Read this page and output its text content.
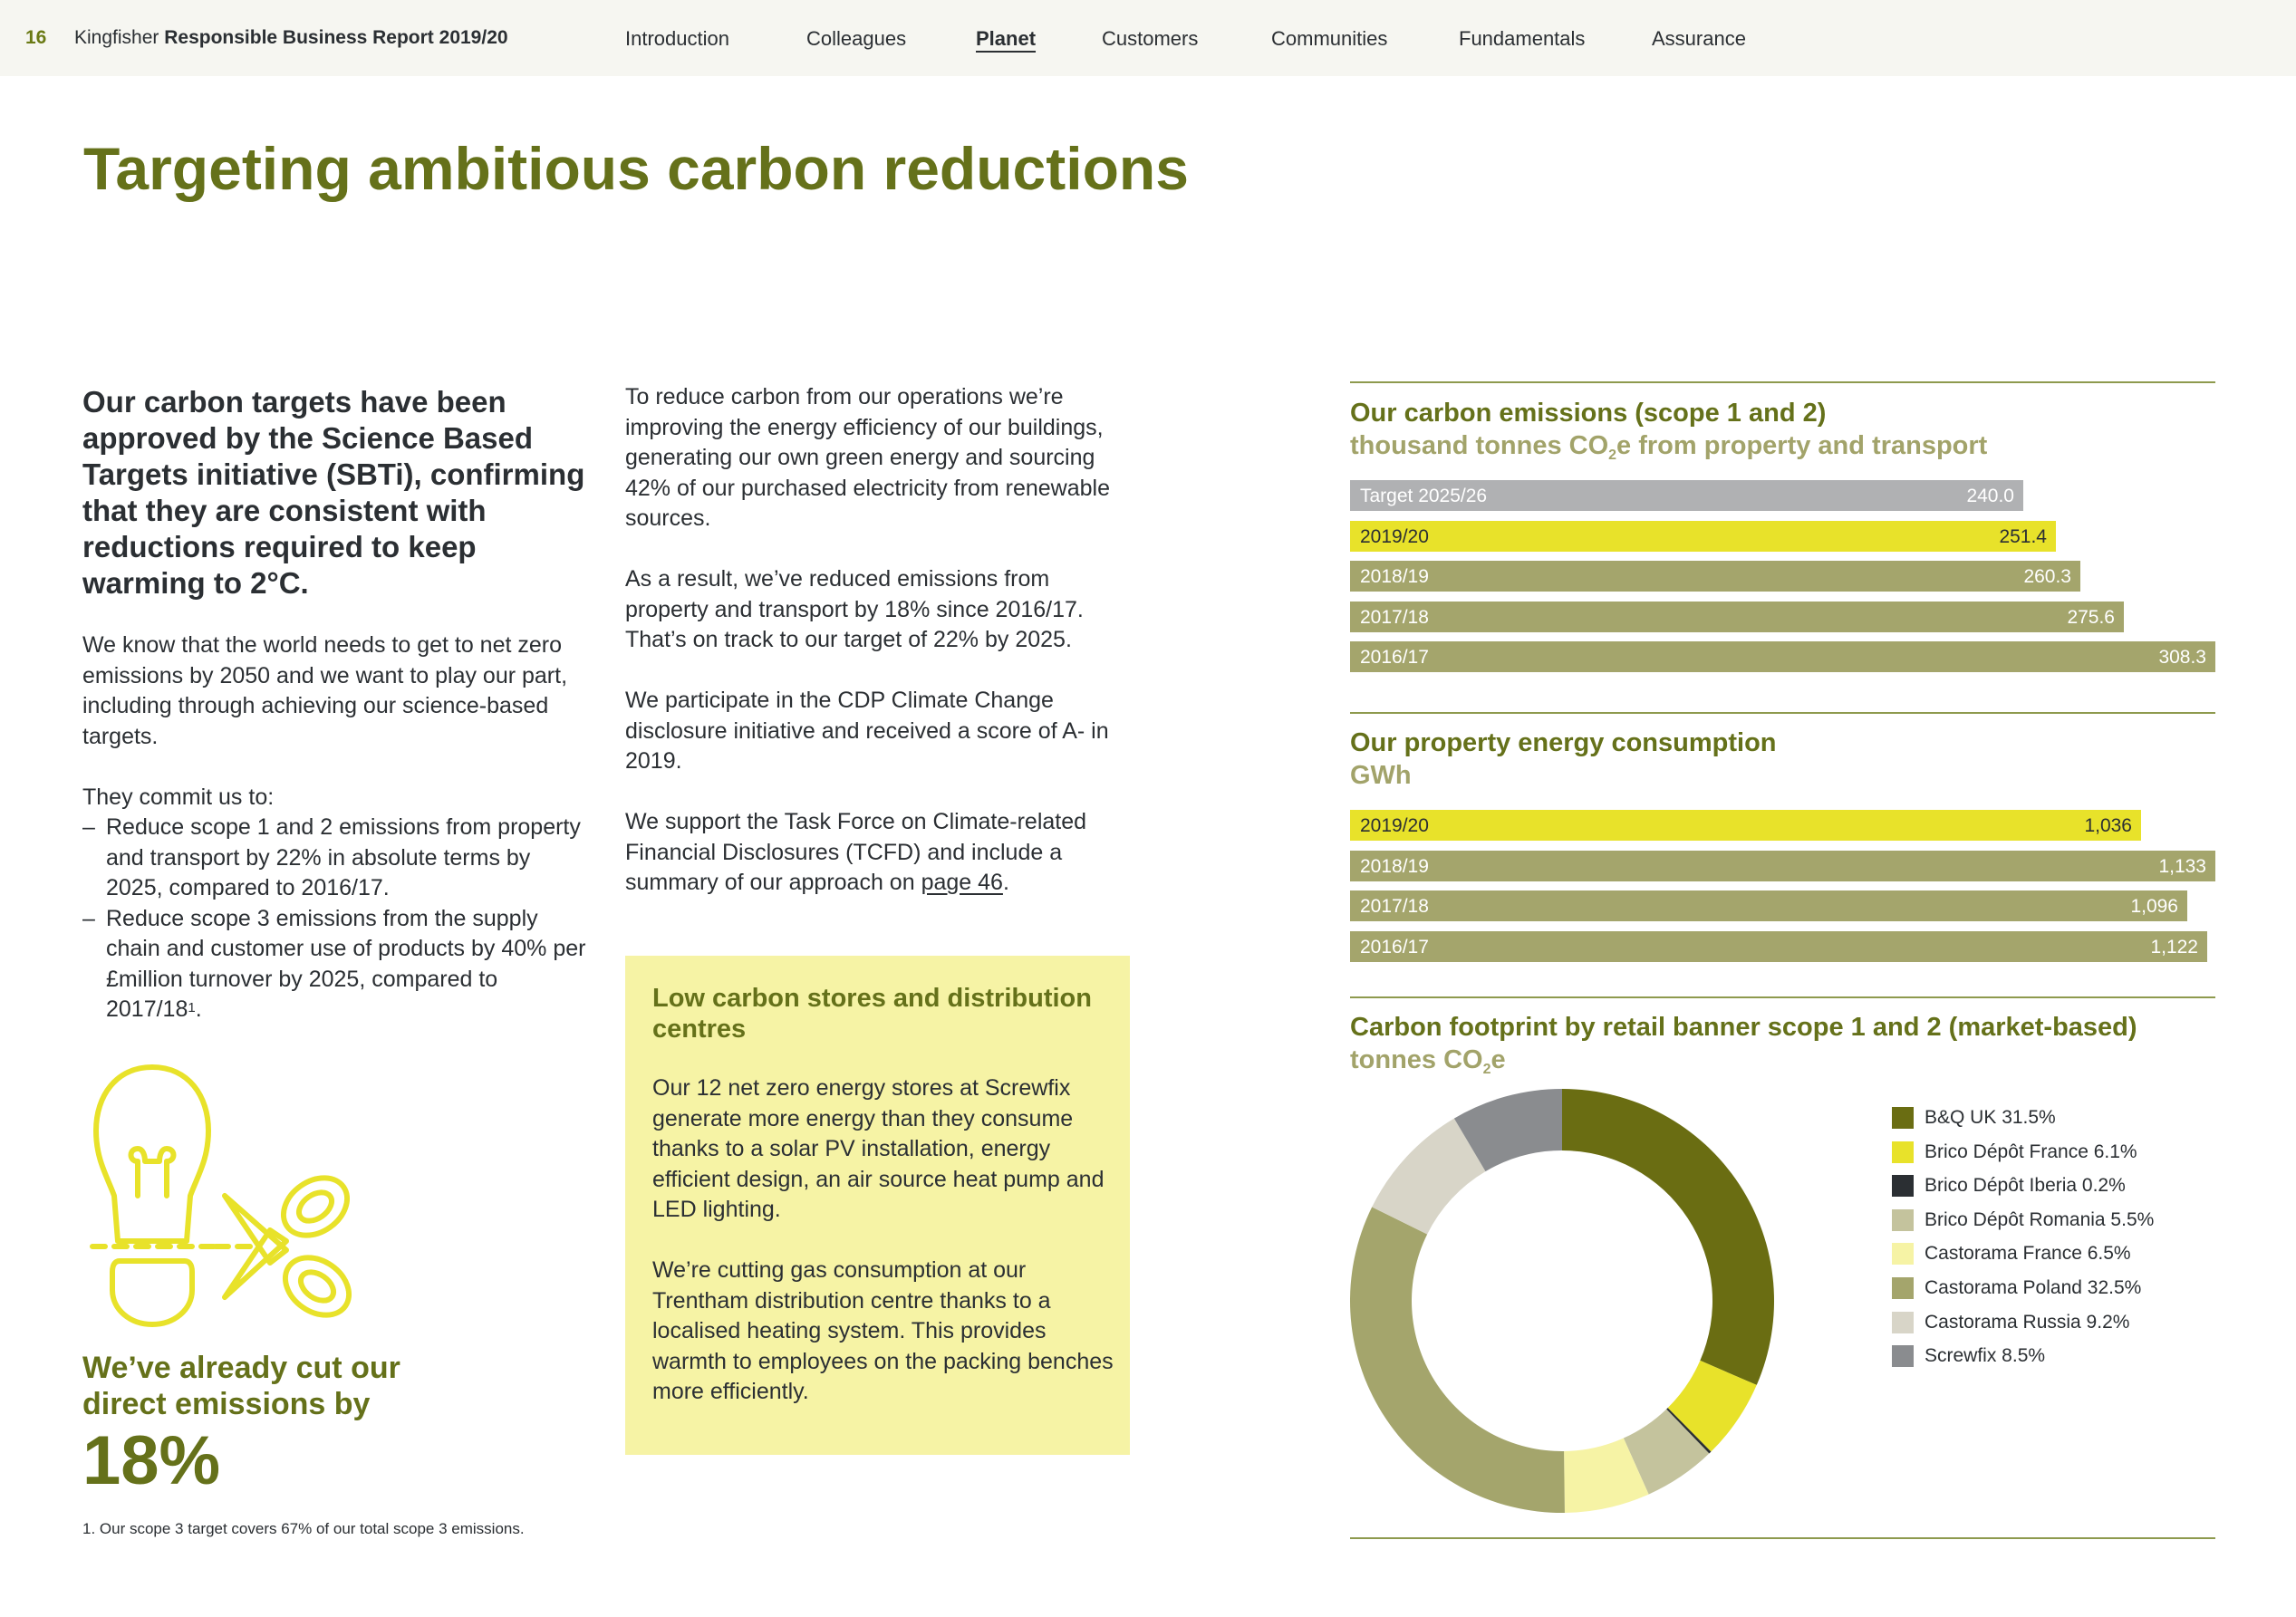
16 Kingfisher Responsible Business Report 2019/20	Introduction	Colleagues	Planet	Customers	Communities	Fundamentals	Assurance
Targeting ambitious carbon reductions
Our carbon targets have been approved by the Science Based Targets initiative (SBTi), confirming that they are consistent with reductions required to keep warming to 2°C.

We know that the world needs to get to net zero emissions by 2050 and we want to play our part, including through achieving our science-based targets.

They commit us to:
– Reduce scope 1 and 2 emissions from property and transport by 22% in absolute terms by 2025, compared to 2016/17.
– Reduce scope 3 emissions from the supply chain and customer use of products by 40% per £million turnover by 2025, compared to $2017/18^1$.
We’ve already cut our direct emissions by
18%
1. Our scope 3 target covers 67% of our total scope 3 emissions.

To reduce carbon from our operations we’re improving the energy efficiency of our buildings, generating our own green energy and sourcing 42% of our purchased electricity from renewable sources.

As a result, we’ve reduced emissions from property and transport by 18% since 2016/17. That’s on track to our target of 22% by 2025.

We participate in the CDP Climate Change disclosure initiative and received a score of A- in 2019.

We support the Task Force on Climate-related Financial Disclosures (TCFD) and include a summary of our approach on page 46.

Low carbon stores and distribution centres

Our 12 net zero energy stores at Screwfix generate more energy than they consume thanks to a solar PV installation, energy efficient design, an air source heat pump and LED lighting.

We’re cutting gas consumption at our Trentham distribution centre thanks to a localised heating system. This provides warmth to employees on the packing benches more efficiently.

Our carbon emissions (scope 1 and 2)
thousand tonnes $CO_2e$ from property and transport
Target 2025/26	240.0
2019/20	251.4
2018/19	260.3
2017/18	275.6
2016/17	308.3
Our property energy consumption
GWh
2019/20	1,036
2018/19	1,133
2017/18	1,096
2016/17	1,122
Carbon footprint by retail banner scope 1 and 2 (market-based)
tonnes $CO_2e$
B&Q UK 31.5%
Brico Dépôt France 6.1%
Brico Dépôt Iberia 0.2%
Brico Dépôt Romania 5.5%
Castorama France 6.5%
Castorama Poland 32.5%
Castorama Russia 9.2%
Screwfix 8.5%
